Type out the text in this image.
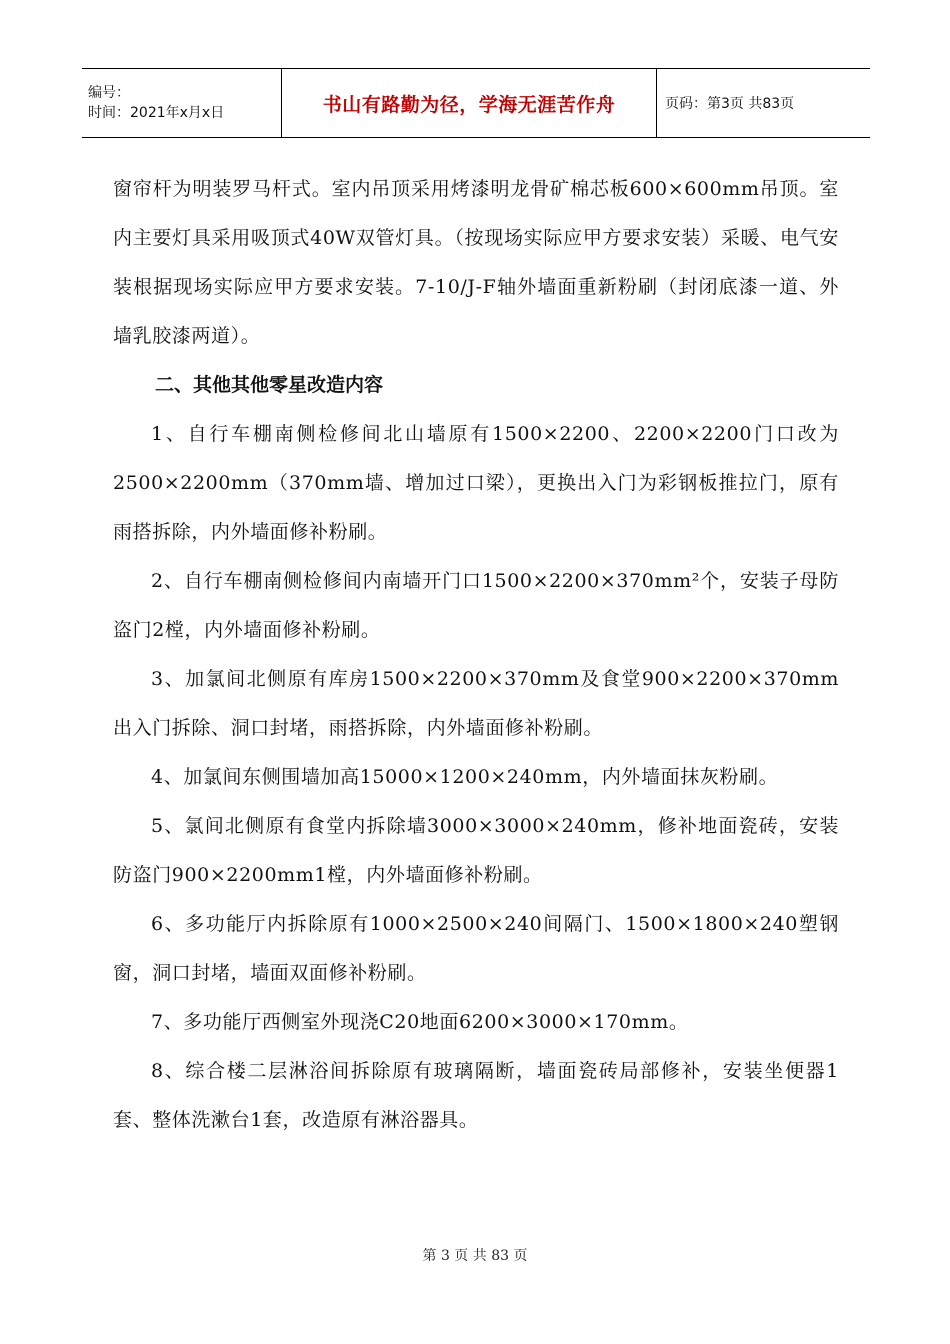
编号：
时间：2021年x月x日	书山有路勤为径，学海无涯苦作舟	页码：第3页 共83页

窗帘杆为明装罗马杆式。室内吊顶采用烤漆明龙骨矿棉芯板600×600mm吊顶。室内主要灯具采用吸顶式40W双管灯具。（按现场实际应甲方要求安装）采暖、电气安装根据现场实际应甲方要求安装。7-10/J-F轴外墙面重新粉刷（封闭底漆一道、外墙乳胶漆两道）。

二、其他其他零星改造内容

1、自行车棚南侧检修间北山墙原有1500×2200、2200×2200门口改为2500×2200mm（370mm墙、增加过口梁），更换出入门为彩钢板推拉门，原有雨搭拆除，内外墙面修补粉刷。

2、自行车棚南侧检修间内南墙开门口1500×2200×370mm²个，安装子母防盗门2樘，内外墙面修补粉刷。

3、加氯间北侧原有库房1500×2200×370mm及食堂900×2200×370mm出入门拆除、洞口封堵，雨搭拆除，内外墙面修补粉刷。

4、加氯间东侧围墙加高15000×1200×240mm，内外墙面抹灰粉刷。

5、氯间北侧原有食堂内拆除墙3000×3000×240mm，修补地面瓷砖，安装防盗门900×2200mm1樘，内外墙面修补粉刷。

6、多功能厅内拆除原有1000×2500×240间隔门、1500×1800×240塑钢窗，洞口封堵，墙面双面修补粉刷。

7、多功能厅西侧室外现浇C20地面6200×3000×170mm。

8、综合楼二层淋浴间拆除原有玻璃隔断，墙面瓷砖局部修补，安装坐便器1套、整体洗漱台1套，改造原有淋浴器具。

第 3 页 共 83 页
